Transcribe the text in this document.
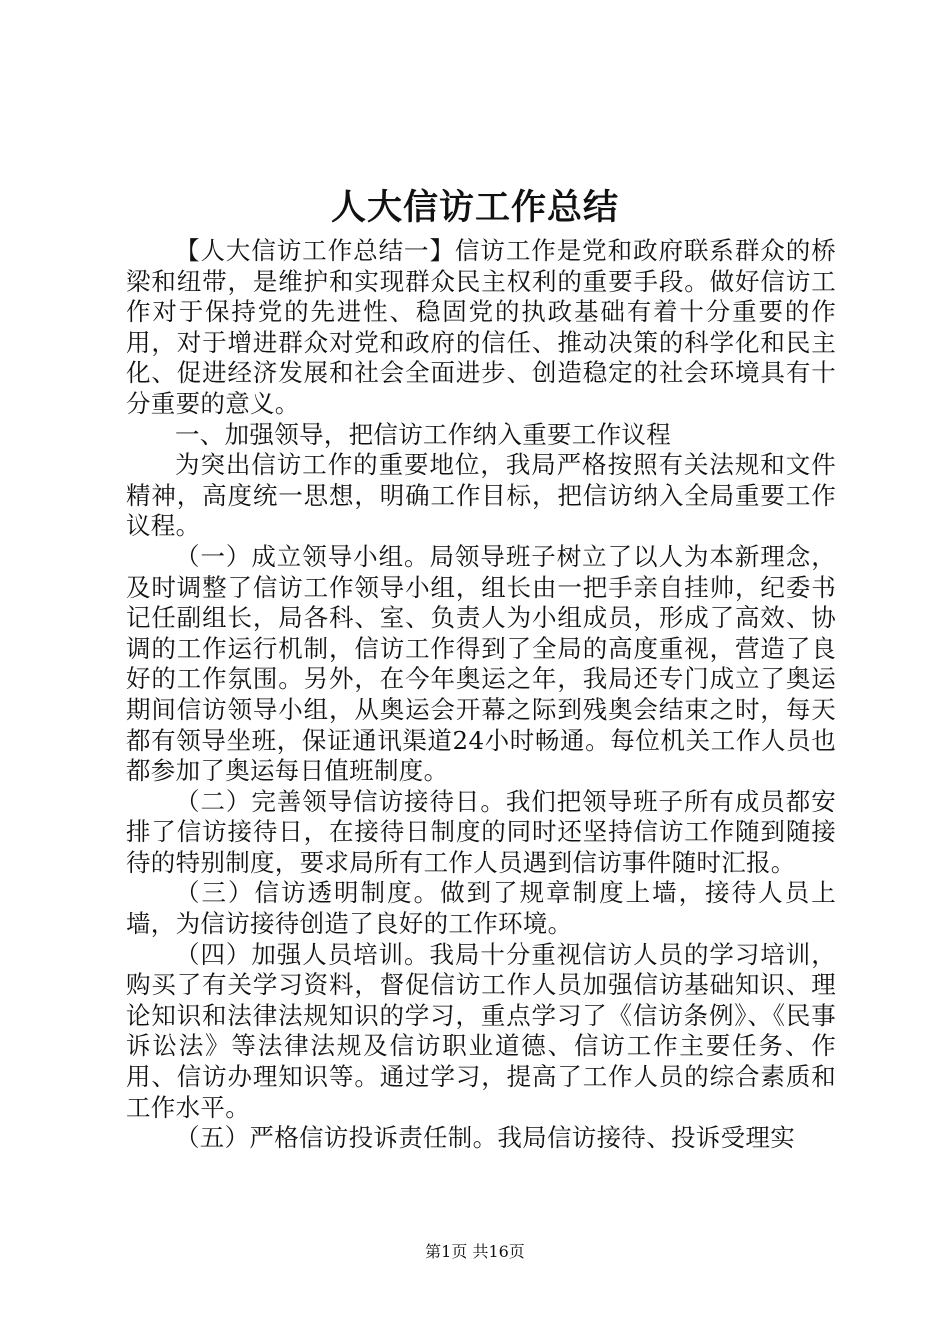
人大信访工作总结

【人大信访工作总结一】信访工作是党和政府联系群众的桥梁和纽带，是维护和实现群众民主权利的重要手段。做好信访工作对于保持党的先进性、稳固党的执政基础有着十分重要的作用，对于增进群众对党和政府的信任、推动决策的科学化和民主化、促进经济发展和社会全面进步、创造稳定的社会环境具有十分重要的意义。

一、加强领导，把信访工作纳入重要工作议程

为突出信访工作的重要地位，我局严格按照有关法规和文件精神，高度统一思想，明确工作目标，把信访纳入全局重要工作议程。

（一）成立领导小组。局领导班子树立了以人为本新理念，及时调整了信访工作领导小组，组长由一把手亲自挂帅，纪委书记任副组长，局各科、室、负责人为小组成员，形成了高效、协调的工作运行机制，信访工作得到了全局的高度重视，营造了良好的工作氛围。另外，在今年奥运之年，我局还专门成立了奥运期间信访领导小组，从奥运会开幕之际到残奥会结束之时，每天都有领导坐班，保证通讯渠道24小时畅通。每位机关工作人员也都参加了奥运每日值班制度。

（二）完善领导信访接待日。我们把领导班子所有成员都安排了信访接待日，在接待日制度的同时还坚持信访工作随到随接待的特别制度，要求局所有工作人员遇到信访事件随时汇报。

（三）信访透明制度。做到了规章制度上墙，接待人员上墙，为信访接待创造了良好的工作环境。

（四）加强人员培训。我局十分重视信访人员的学习培训，购买了有关学习资料，督促信访工作人员加强信访基础知识、理论知识和法律法规知识的学习，重点学习了《信访条例》、《民事诉讼法》等法律法规及信访职业道德、信访工作主要任务、作用、信访办理知识等。通过学习，提高了工作人员的综合素质和工作水平。

（五）严格信访投诉责任制。我局信访接待、投诉受理实

第1页 共16页
